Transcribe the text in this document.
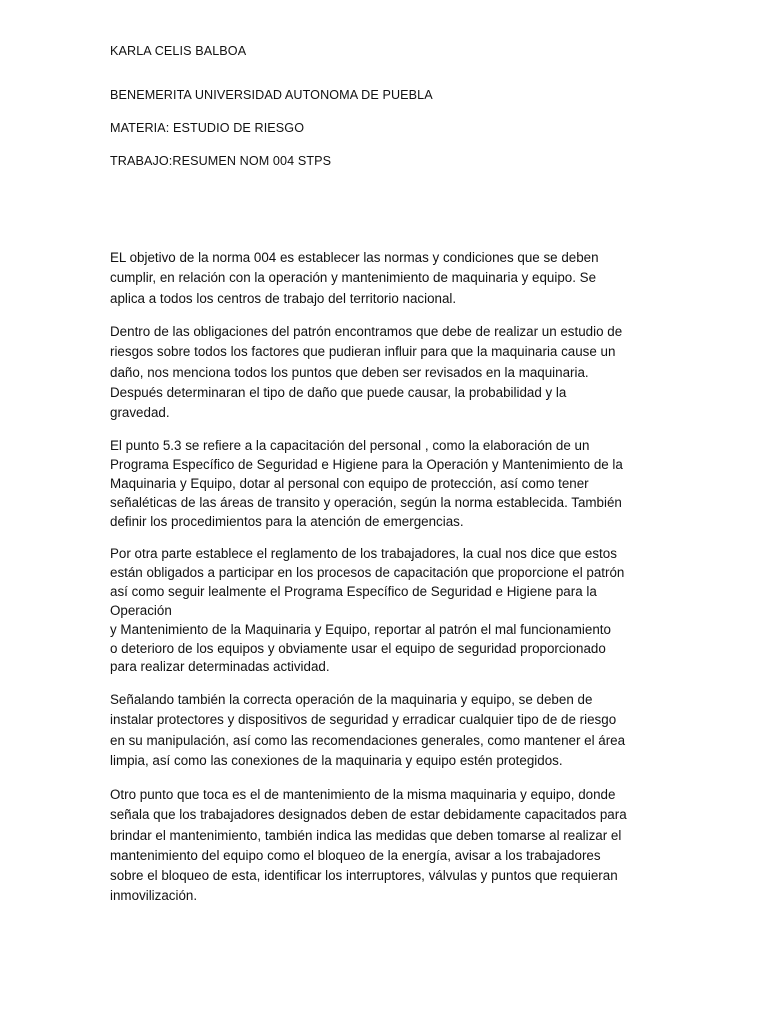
KARLA CELIS BALBOA

BENEMERITA UNIVERSIDAD AUTONOMA DE PUEBLA

MATERIA: ESTUDIO DE RIESGO

TRABAJO:RESUMEN NOM 004 STPS

EL objetivo de la norma 004 es establecer las normas y condiciones que se deben
cumplir, en relación con la operación y mantenimiento de maquinaria y equipo. Se
aplica a todos los centros de trabajo del territorio nacional.

Dentro de las obligaciones del patrón encontramos que debe de realizar un estudio de
riesgos sobre todos los factores que pudieran influir para que la maquinaria cause un
daño, nos menciona todos los puntos que deben ser revisados en la maquinaria.
Después determinaran el tipo de daño que puede causar, la probabilidad y la
gravedad.

El punto 5.3 se refiere a la capacitación del personal , como la elaboración de un
Programa Específico de Seguridad e Higiene para la Operación y Mantenimiento de la
Maquinaria y Equipo, dotar al personal con equipo de protección, así como tener
señaléticas de las áreas de transito y operación, según la norma establecida. También
definir los procedimientos para la atención de emergencias.

Por otra parte establece el reglamento de los trabajadores, la cual nos dice que estos
están obligados a participar en los procesos de capacitación que proporcione el patrón
así como seguir lealmente el Programa Específico de Seguridad e Higiene para la
Operación
y Mantenimiento de la Maquinaria y Equipo, reportar al patrón el mal funcionamiento
o deterioro de los equipos y obviamente usar el equipo de seguridad proporcionado
para realizar determinadas actividad.

Señalando también la correcta operación de la maquinaria y equipo, se deben de
instalar protectores y dispositivos de seguridad y erradicar cualquier tipo de de riesgo
en su manipulación, así como las recomendaciones generales, como mantener el área
limpia, así como las conexiones de la maquinaria y equipo estén protegidos.

Otro punto que toca es el de mantenimiento de la misma maquinaria y equipo, donde
señala que los trabajadores designados deben de estar debidamente capacitados para
brindar el mantenimiento, también indica las medidas que deben tomarse al realizar el
mantenimiento del equipo como el bloqueo de la energía, avisar a los trabajadores
sobre el bloqueo de esta, identificar los interruptores, válvulas y puntos que requieran
inmovilización.
